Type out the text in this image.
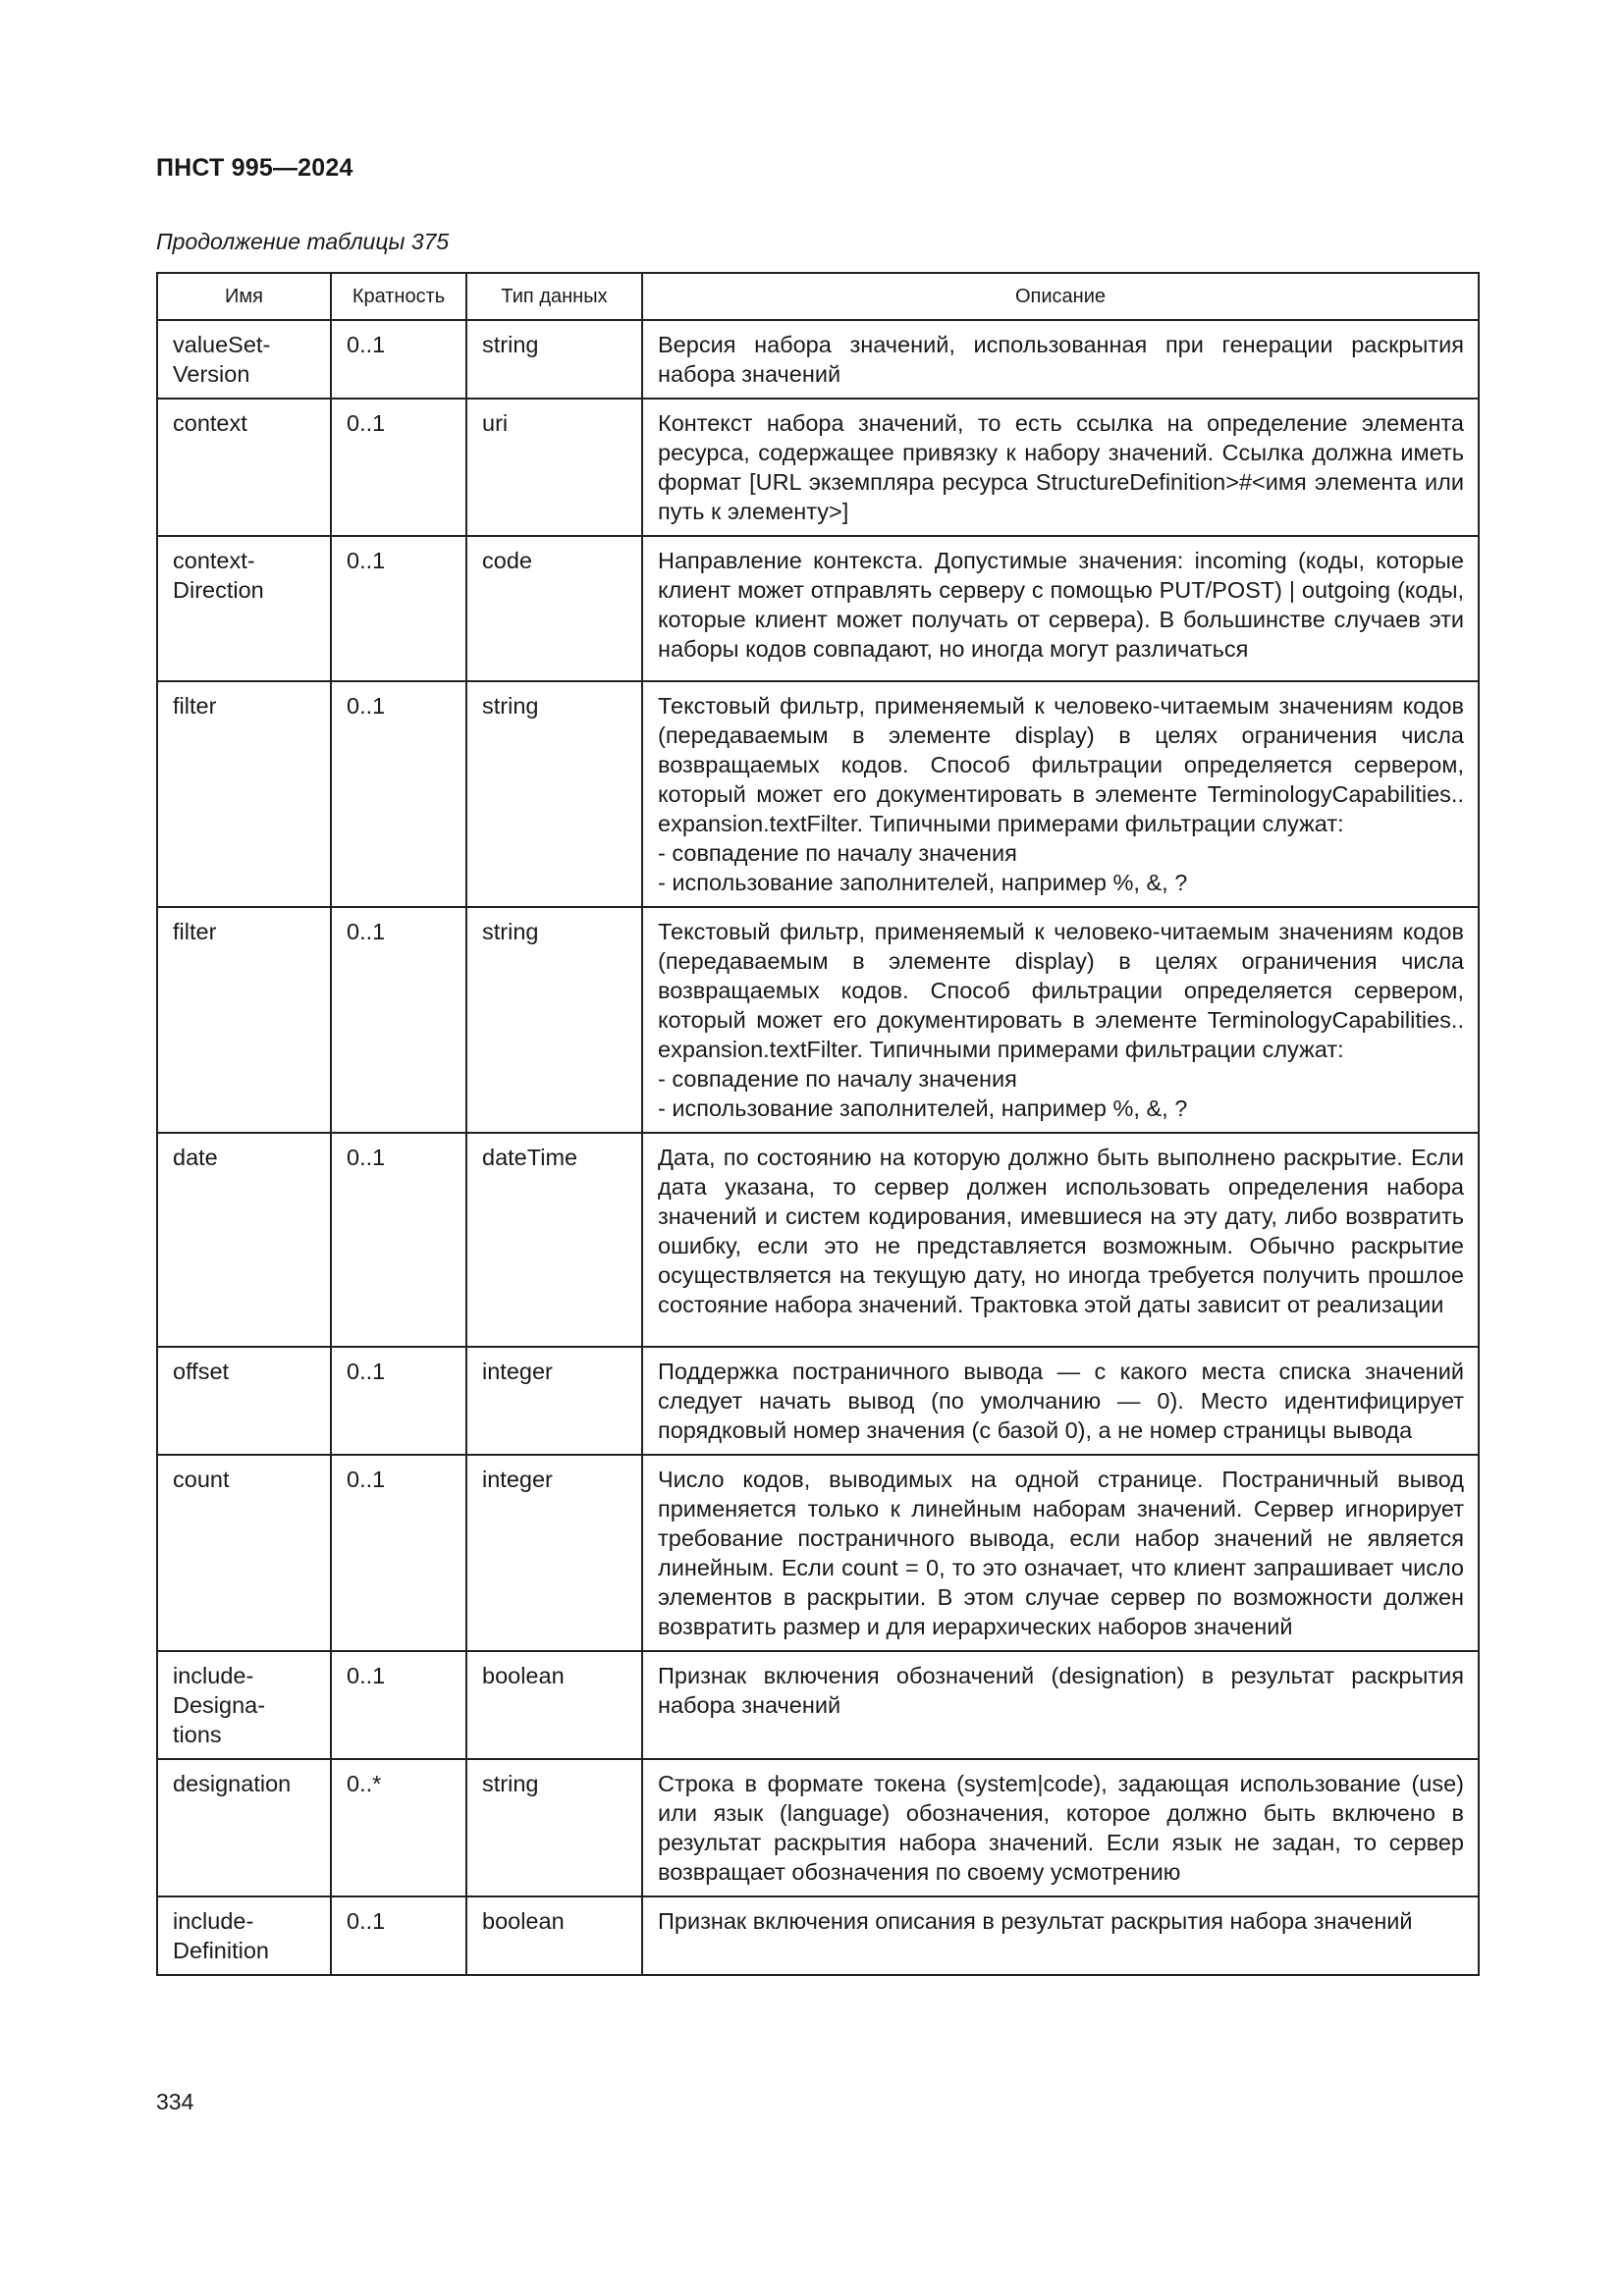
ПНСТ 995—2024
Продолжение таблицы 375
Имя	Кратность	Тип данных	Описание
valueSet-
Version	0..1	string	Версия набора значений, использованная при генерации раскрытия набора значений

context	0..1	uri	Контекст набора значений, то есть ссылка на определение элемента ресурса, содержащее привязку к набору значений. Ссылка должна иметь формат [URL экземпляра ресурса StructureDefinition>#<имя элемента или путь к элементу>]

context-
Direction	0..1	code	Направление контекста. Допустимые значения: incoming (коды, которые клиент может отправлять серверу с помощью PUT/POST) | outgoing (коды, которые клиент может получать от сервера). В большинстве случаев эти наборы кодов совпадают, но иногда могут различаться

filter	0..1	string	Текстовый фильтр, применяемый к человеко-читаемым значениям кодов (передаваемым в элементе display) в целях ограничения числа возвращаемых кодов. Способ фильтрации определяется сервером, который может его документировать в элементе TerminologyCapabilities.. expansion.textFilter. Типичными примерами фильтрации служат:
- совпадение по началу значения
- использование заполнителей, например %, &, ?

filter	0..1	string	Текстовый фильтр, применяемый к человеко-читаемым значениям кодов (передаваемым в элементе display) в целях ограничения числа возвращаемых кодов. Способ фильтрации определяется сервером, который может его документировать в элементе TerminologyCapabilities.. expansion.textFilter. Типичными примерами фильтрации служат:
- совпадение по началу значения
- использование заполнителей, например %, &, ?

date	0..1	dateTime	Дата, по состоянию на которую должно быть выполнено раскрытие. Если дата указана, то сервер должен использовать определения набора значений и систем кодирования, имевшиеся на эту дату, либо возвратить ошибку, если это не представляется возможным. Обычно раскрытие осуществляется на текущую дату, но иногда требуется получить прошлое состояние набора значений. Трактовка этой даты зависит от реализации

offset	0..1	integer	Поддержка постраничного вывода — с какого места списка значений следует начать вывод (по умолчанию — 0). Место идентифицирует порядковый номер значения (с базой 0), а не номер страницы вывода

count	0..1	integer	Число кодов, выводимых на одной странице. Постраничный вывод применяется только к линейным наборам значений. Сервер игнорирует требование постраничного вывода, если набор значений не является линейным. Если count = 0, то это означает, что клиент запрашивает число элементов в раскрытии. В этом случае сервер по возможности должен возвратить размер и для иерархических наборов значений

include-
Designa-
tions	0..1	boolean	Признак включения обозначений (designation) в результат раскрытия набора значений

designation	0..*	string	Строка в формате токена (system|code), задающая использование (use) или язык (language) обозначения, которое должно быть включено в результат раскрытия набора значений. Если язык не задан, то сервер возвращает обозначения по своему усмотрению

include-
Definition	0..1	boolean	Признак включения описания в результат раскрытия набора значений
334
